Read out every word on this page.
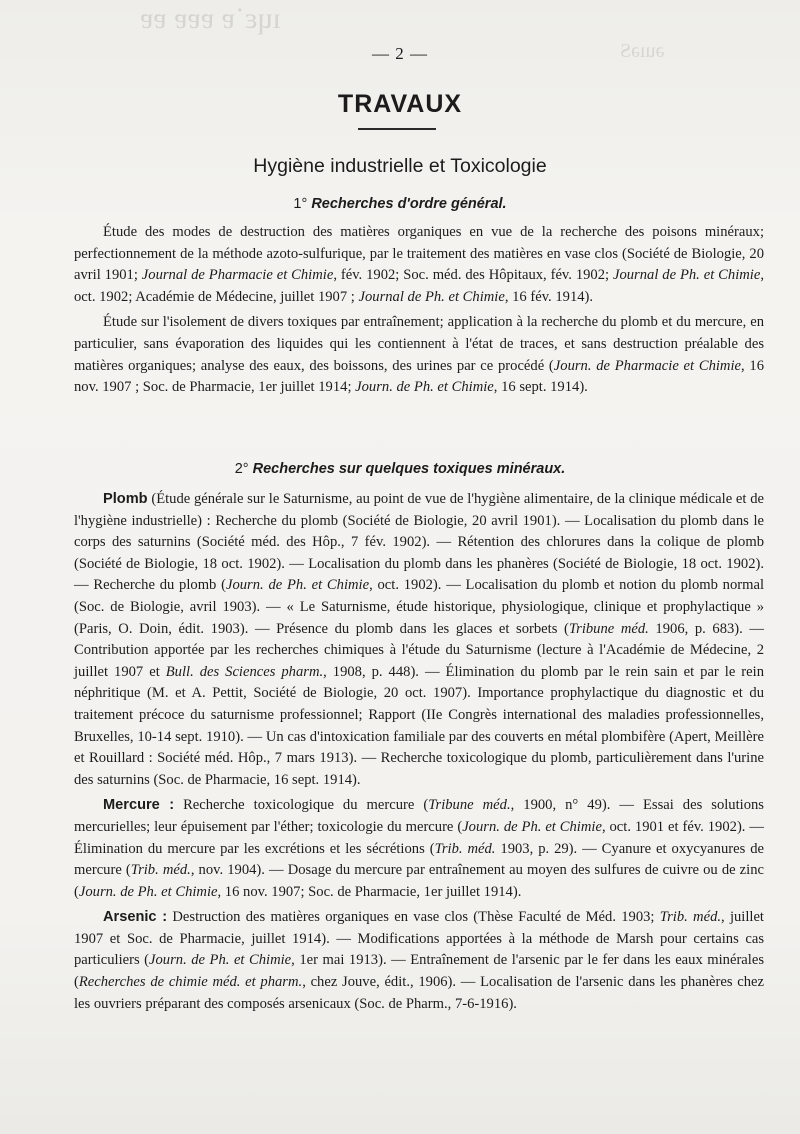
ıɥɛ˙ɐ ɐɐɐ ɐɐ
ǝuıǝS
— 2 —
TRAVAUX
Hygiène industrielle et Toxicologie
1° Recherches d'ordre général.

Étude des modes de destruction des matières organiques en vue de la recherche des poisons minéraux; perfectionnement de la méthode azoto-sulfurique, par le traitement des matières en vase clos (Société de Biologie, 20 avril 1901; Journal de Pharmacie et Chimie, fév. 1902; Soc. méd. des Hôpitaux, fév. 1902; Journal de Ph. et Chimie, oct. 1902; Académie de Médecine, juillet 1907 ; Journal de Ph. et Chimie, 16 fév. 1914).

Étude sur l'isolement de divers toxiques par entraînement; application à la recherche du plomb et du mercure, en particulier, sans évaporation des liquides qui les contiennent à l'état de traces, et sans destruction préalable des matières organiques; analyse des eaux, des boissons, des urines par ce procédé (Journ. de Pharmacie et Chimie, 16 nov. 1907 ; Soc. de Pharmacie, 1er juillet 1914; Journ. de Ph. et Chimie, 16 sept. 1914).

2° Recherches sur quelques toxiques minéraux.

Plomb (Étude générale sur le Saturnisme, au point de vue de l'hygiène alimentaire, de la clinique médicale et de l'hygiène industrielle) : Recherche du plomb (Société de Biologie, 20 avril 1901). — Localisation du plomb dans le corps des saturnins (Société méd. des Hôp., 7 fév. 1902). — Rétention des chlorures dans la colique de plomb (Société de Biologie, 18 oct. 1902). — Localisation du plomb dans les phanères (Société de Biologie, 18 oct. 1902). — Recherche du plomb (Journ. de Ph. et Chimie, oct. 1902). — Localisation du plomb et notion du plomb normal (Soc. de Biologie, avril 1903). — « Le Saturnisme, étude historique, physiologique, clinique et prophylactique » (Paris, O. Doin, édit. 1903). — Présence du plomb dans les glaces et sorbets (Tribune méd. 1906, p. 683). — Contribution apportée par les recherches chimiques à l'étude du Saturnisme (lecture à l'Académie de Médecine, 2 juillet 1907 et Bull. des Sciences pharm., 1908, p. 448). — Élimination du plomb par le rein sain et par le rein néphritique (M. et A. Pettit, Société de Biologie, 20 oct. 1907). Importance prophylactique du diagnostic et du traitement précoce du saturnisme professionnel; Rapport (IIe Congrès international des maladies professionnelles, Bruxelles, 10-14 sept. 1910). — Un cas d'intoxication familiale par des couverts en métal plombifère (Apert, Meillère et Rouillard : Société méd. Hôp., 7 mars 1913). — Recherche toxicologique du plomb, particulièrement dans l'urine des saturnins (Soc. de Pharmacie, 16 sept. 1914).

Mercure : Recherche toxicologique du mercure (Tribune méd., 1900, n° 49). — Essai des solutions mercurielles; leur épuisement par l'éther; toxicologie du mercure (Journ. de Ph. et Chimie, oct. 1901 et fév. 1902). — Élimination du mercure par les excrétions et les sécrétions (Trib. méd. 1903, p. 29). — Cyanure et oxycyanures de mercure (Trib. méd., nov. 1904). — Dosage du mercure par entraînement au moyen des sulfures de cuivre ou de zinc (Journ. de Ph. et Chimie, 16 nov. 1907; Soc. de Pharmacie, 1er juillet 1914).

Arsenic : Destruction des matières organiques en vase clos (Thèse Faculté de Méd. 1903; Trib. méd., juillet 1907 et Soc. de Pharmacie, juillet 1914). — Modifications apportées à la méthode de Marsh pour certains cas particuliers (Journ. de Ph. et Chimie, 1er mai 1913). — Entraînement de l'arsenic par le fer dans les eaux minérales (Recherches de chimie méd. et pharm., chez Jouve, édit., 1906). — Localisation de l'arsenic dans les phanères chez les ouvriers préparant des composés arsenicaux (Soc. de Pharm., 7-6-1916).
